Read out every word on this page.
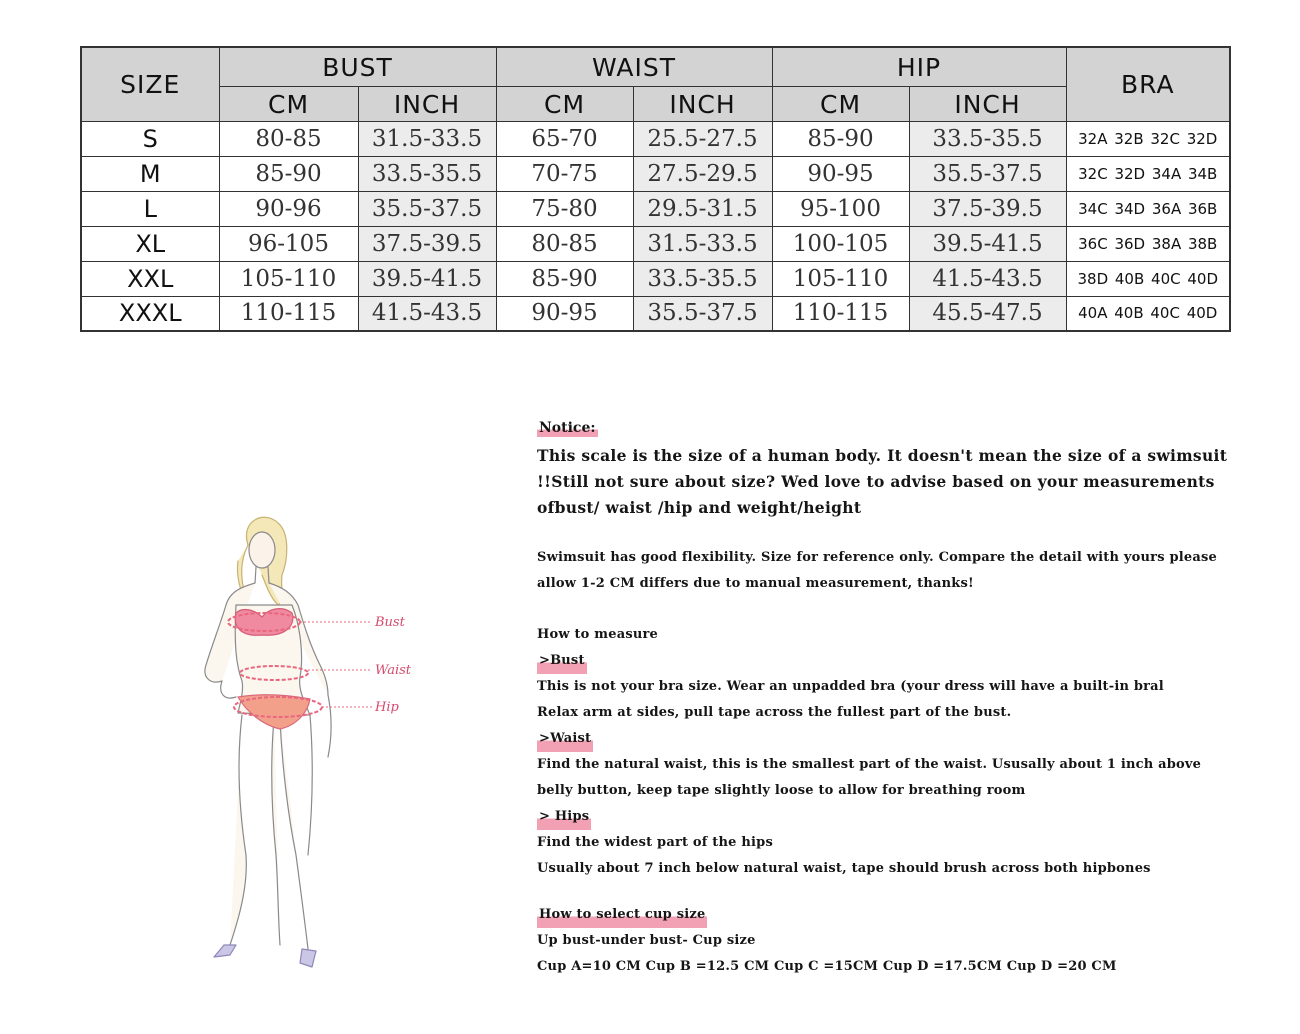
SIZE	BUST		WAIST		HIP		BRA
	CM	INCH	CM	INCH	CM	INCH	
S	80-85	31.5-33.5	65-70	25.5-27.5	85-90	33.5-35.5	32A 32B 32C 32D
M	85-90	33.5-35.5	70-75	27.5-29.5	90-95	35.5-37.5	32C 32D 34A 34B
L	90-96	35.5-37.5	75-80	29.5-31.5	95-100	37.5-39.5	34C 34D 36A 36B
XL	96-105	37.5-39.5	80-85	31.5-33.5	100-105	39.5-41.5	36C 36D 38A 38B
XXL	105-110	39.5-41.5	85-90	33.5-35.5	105-110	41.5-43.5	38D 40B 40C 40D
XXXL	110-115	41.5-43.5	90-95	35.5-37.5	110-115	45.5-47.5	40A 40B 40C 40D
Bust
Waist
Hip
Notice:

This scale is the size of a human body. It doesn't mean the size of a swimsuit !!Still not sure about size? Wed love to advise based on your measurements ofbust/ waist /hip and weight/height

Swimsuit has good flexibility. Size for reference only. Compare the detail with yours please

allow 1-2 CM differs due to manual measurement, thanks!

How to measure

>Bust

This is not your bra size. Wear an unpadded bra (your dress will have a built-in bral

Relax arm at sides, pull tape across the fullest part of the bust.

>Waist

Find the natural waist, this is the smallest part of the waist. Ususally about 1 inch above

belly button, keep tape slightly loose to allow for breathing room

> Hips

Find the widest part of the hips

Usually about 7 inch below natural waist, tape should brush across both hipbones

How to select cup size

Up bust-under bust- Cup size

Cup A=10 CM Cup B =12.5 CM Cup C =15CM Cup D =17.5CM Cup D =20 CM
